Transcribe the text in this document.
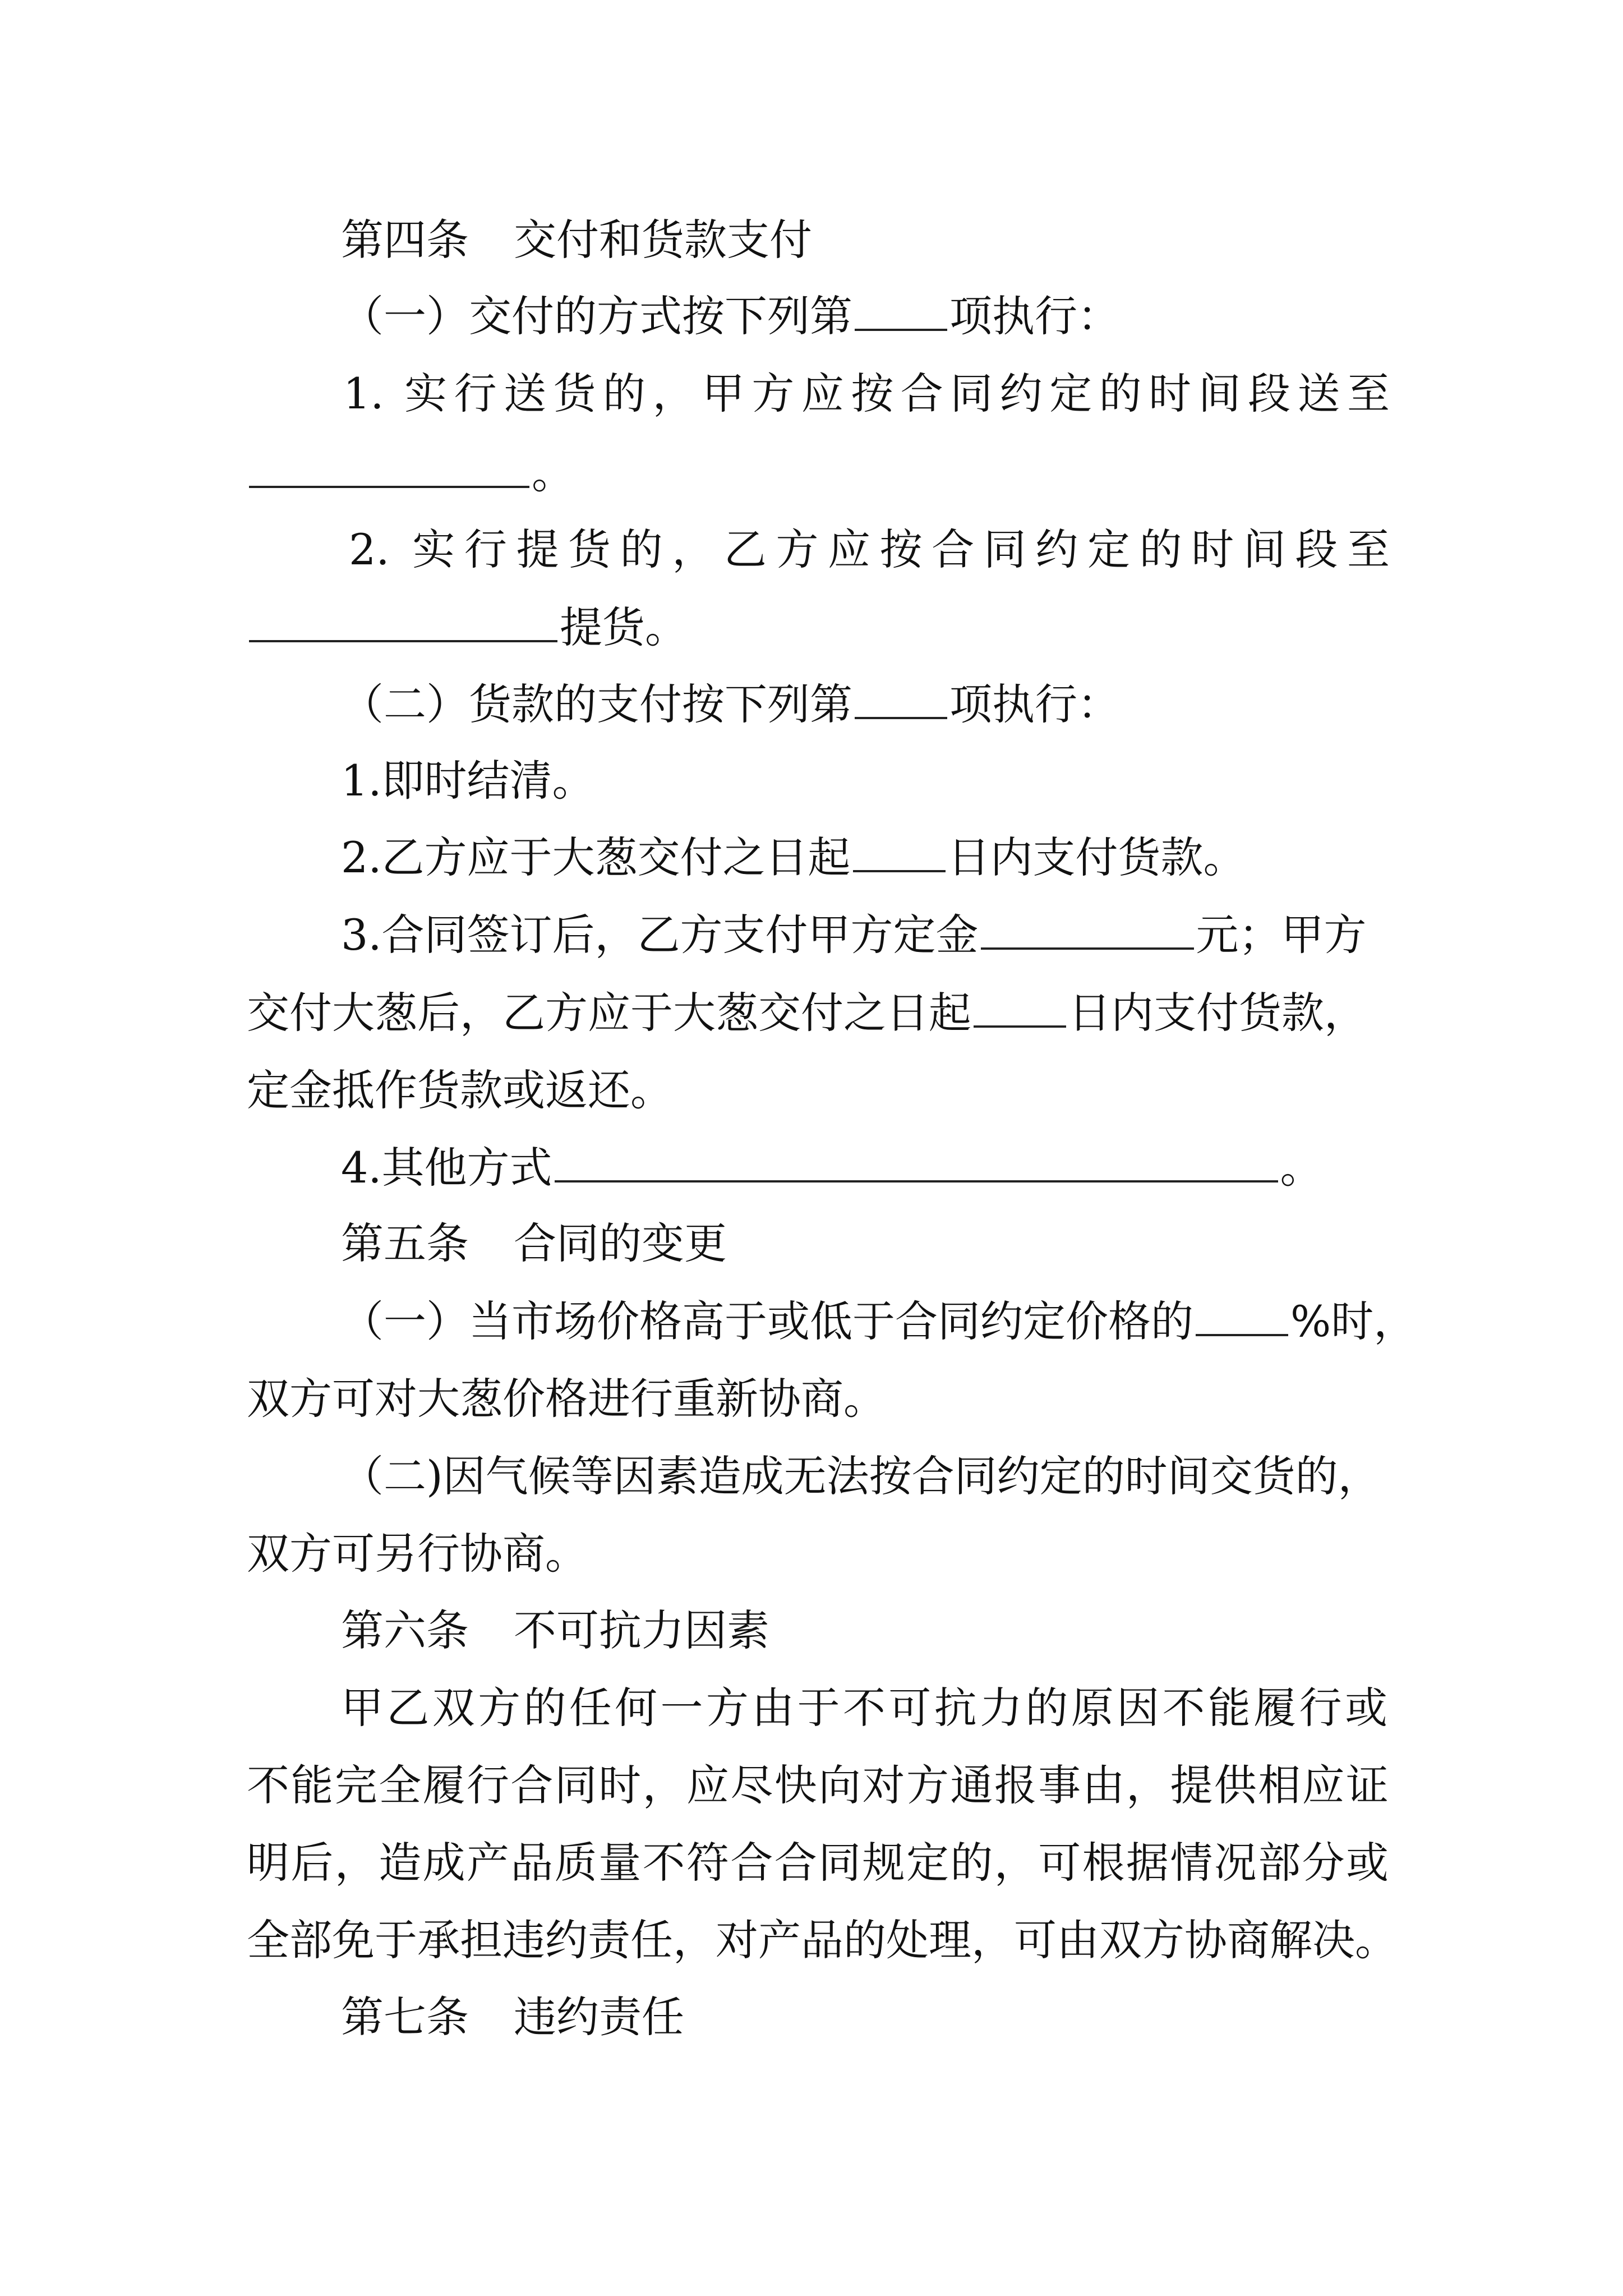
第四条 交付和货款支付
（一）交付的方式按下列第 项执行：
1. 实行送货的，甲方应按合同约定的时间段送至
。
2. 实行提货的，乙方应按合同约定的时间段至
提货。
（二）货款的支付按下列第 项执行：
1.即时结清。
2.乙方应于大葱交付之日起 日内支付货款。
3.合同签订后，乙方支付甲方定金	元；甲方
交付大葱后，乙方应于大葱交付之日起 日内支付货款，
定金抵作货款或返还。
4.其他方式	。
第五条 合同的变更
（一）当市场价格高于或低于合同约定价格的 %时，
双方可对大葱价格进行重新协商。
（二)因气候等因素造成无法按合同约定的时间交货的，
双方可另行协商。
第六条 不可抗力因素
甲乙双方的任何一方由于不可抗力的原因不能履行或
不能完全履行合同时，应尽快向对方通报事由，提供相应证
明后，造成产品质量不符合合同规定的，可根据情况部分或
全部免于承担违约责任，对产品的处理，可由双方协商解决。
第七条 违约责任
